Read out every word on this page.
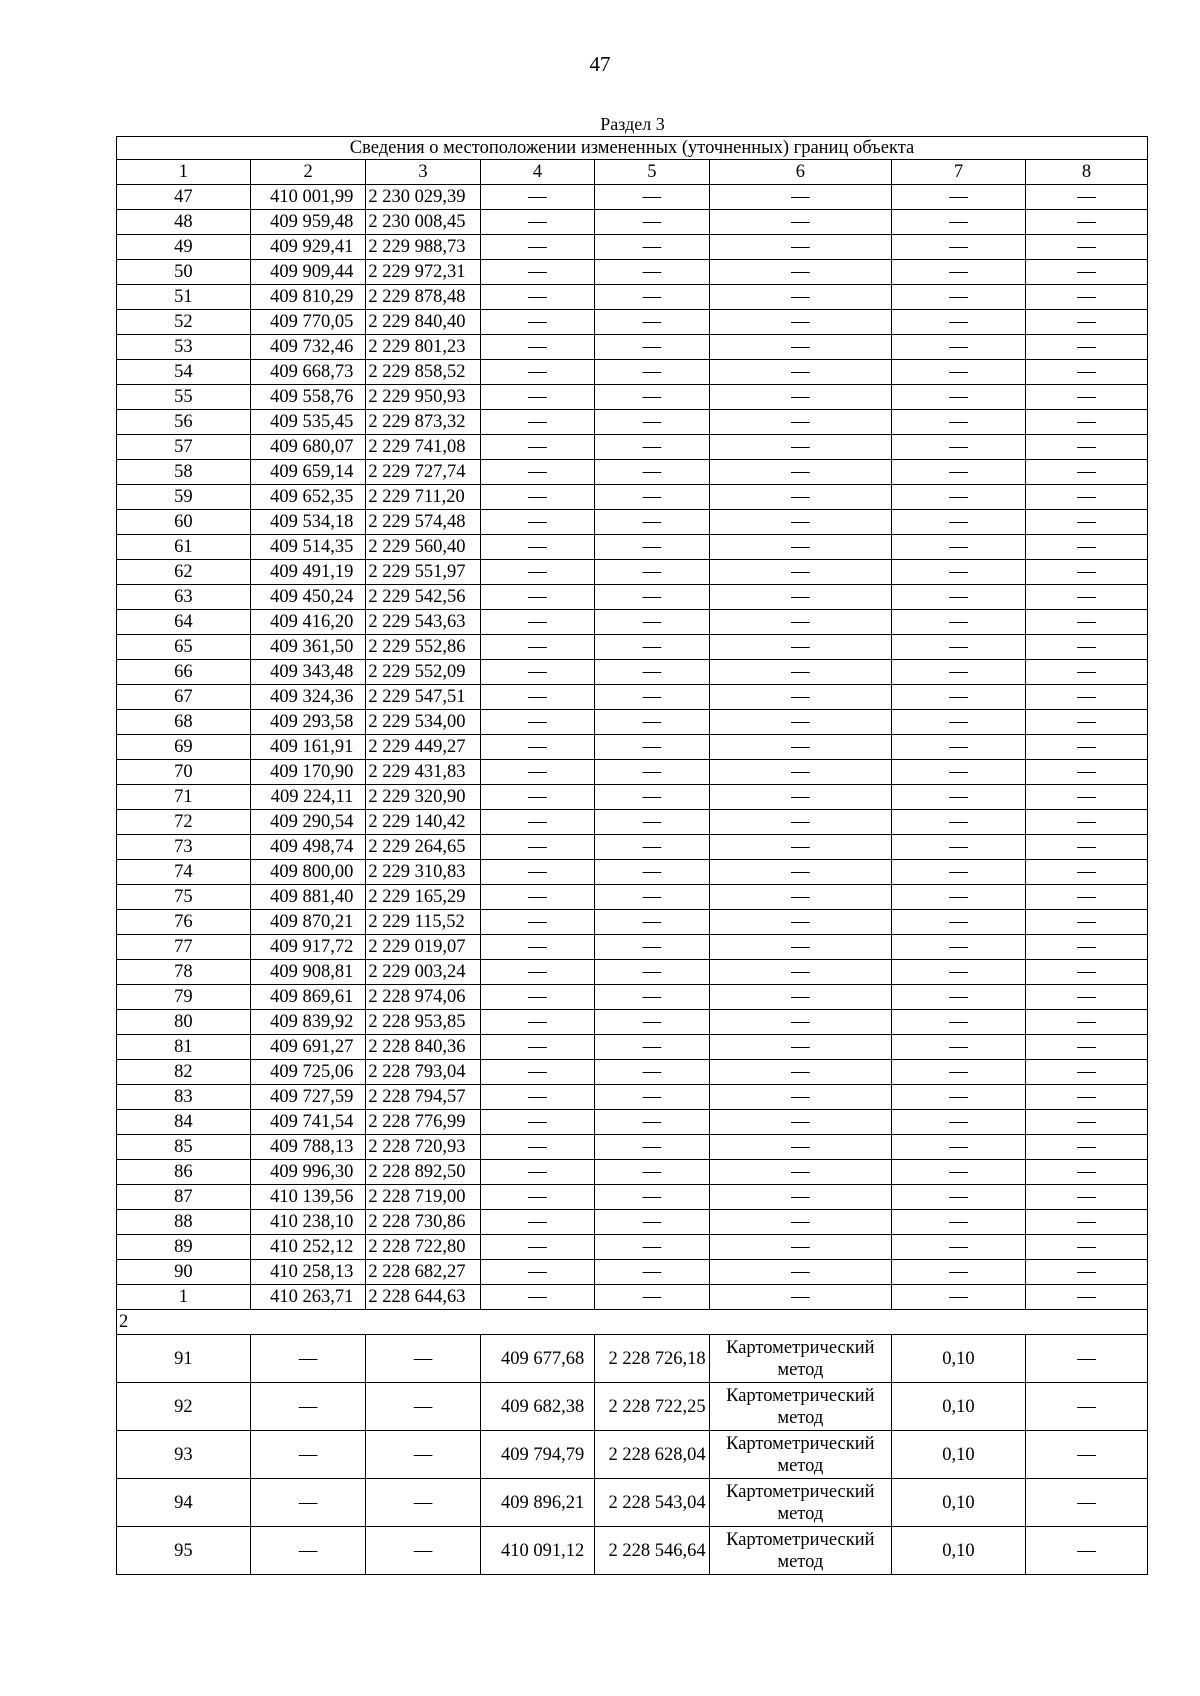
47
Раздел 3
Сведения о местоположении измененных (уточненных) границ объекта							
1	2	3	4	5	6	7	8
47	410 001,99	2 230 029,39	—	—	—	—	—
48	409 959,48	2 230 008,45	—	—	—	—	—
49	409 929,41	2 229 988,73	—	—	—	—	—
50	409 909,44	2 229 972,31	—	—	—	—	—
51	409 810,29	2 229 878,48	—	—	—	—	—
52	409 770,05	2 229 840,40	—	—	—	—	—
53	409 732,46	2 229 801,23	—	—	—	—	—
54	409 668,73	2 229 858,52	—	—	—	—	—
55	409 558,76	2 229 950,93	—	—	—	—	—
56	409 535,45	2 229 873,32	—	—	—	—	—
57	409 680,07	2 229 741,08	—	—	—	—	—
58	409 659,14	2 229 727,74	—	—	—	—	—
59	409 652,35	2 229 711,20	—	—	—	—	—
60	409 534,18	2 229 574,48	—	—	—	—	—
61	409 514,35	2 229 560,40	—	—	—	—	—
62	409 491,19	2 229 551,97	—	—	—	—	—
63	409 450,24	2 229 542,56	—	—	—	—	—
64	409 416,20	2 229 543,63	—	—	—	—	—
65	409 361,50	2 229 552,86	—	—	—	—	—
66	409 343,48	2 229 552,09	—	—	—	—	—
67	409 324,36	2 229 547,51	—	—	—	—	—
68	409 293,58	2 229 534,00	—	—	—	—	—
69	409 161,91	2 229 449,27	—	—	—	—	—
70	409 170,90	2 229 431,83	—	—	—	—	—
71	409 224,11	2 229 320,90	—	—	—	—	—
72	409 290,54	2 229 140,42	—	—	—	—	—
73	409 498,74	2 229 264,65	—	—	—	—	—
74	409 800,00	2 229 310,83	—	—	—	—	—
75	409 881,40	2 229 165,29	—	—	—	—	—
76	409 870,21	2 229 115,52	—	—	—	—	—
77	409 917,72	2 229 019,07	—	—	—	—	—
78	409 908,81	2 229 003,24	—	—	—	—	—
79	409 869,61	2 228 974,06	—	—	—	—	—
80	409 839,92	2 228 953,85	—	—	—	—	—
81	409 691,27	2 228 840,36	—	—	—	—	—
82	409 725,06	2 228 793,04	—	—	—	—	—
83	409 727,59	2 228 794,57	—	—	—	—	—
84	409 741,54	2 228 776,99	—	—	—	—	—
85	409 788,13	2 228 720,93	—	—	—	—	—
86	409 996,30	2 228 892,50	—	—	—	—	—
87	410 139,56	2 228 719,00	—	—	—	—	—
88	410 238,10	2 228 730,86	—	—	—	—	—
89	410 252,12	2 228 722,80	—	—	—	—	—
90	410 258,13	2 228 682,27	—	—	—	—	—
1	410 263,71	2 228 644,63	—	—	—	—	—
2							
91	—	—	409 677,68	2 228 726,18	Картометрический метод	0,10	—
92	—	—	409 682,38	2 228 722,25	Картометрический метод	0,10	—
93	—	—	409 794,79	2 228 628,04	Картометрический метод	0,10	—
94	—	—	409 896,21	2 228 543,04	Картометрический метод	0,10	—
95	—	—	410 091,12	2 228 546,64	Картометрический метод	0,10	—
